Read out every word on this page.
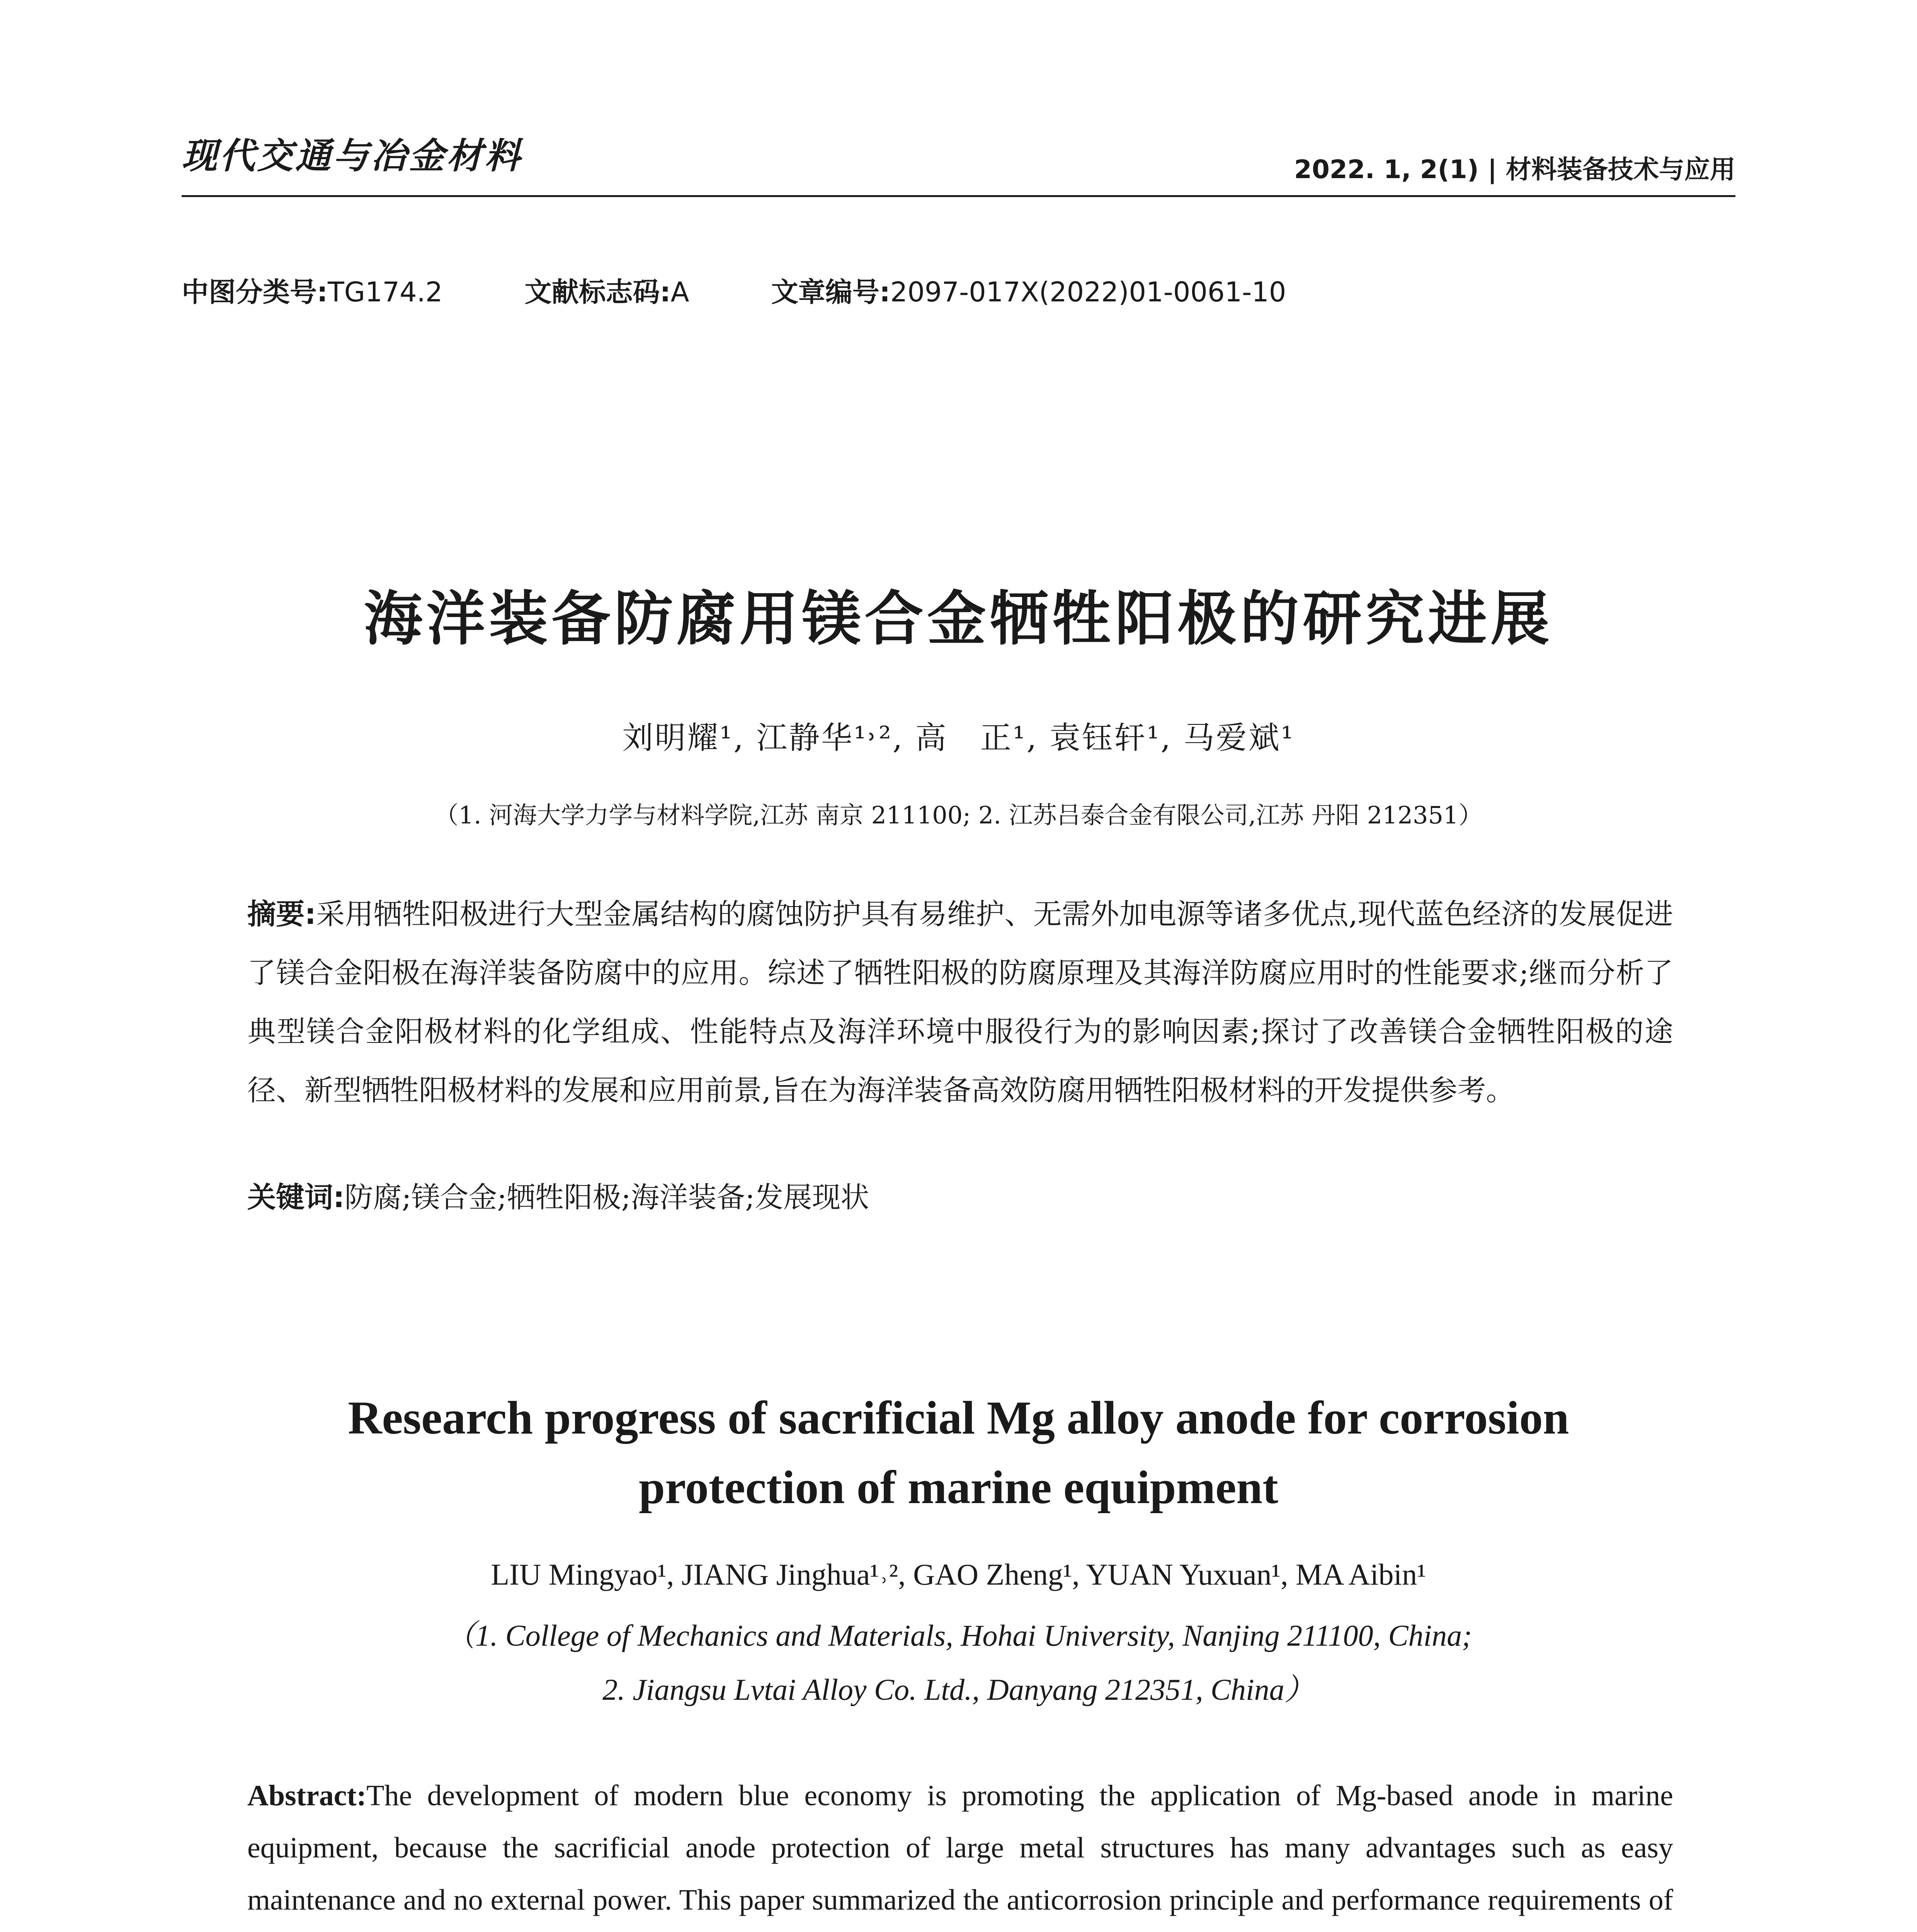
现代交通与冶金材料	2022. 1, 2(1) | 材料装备技术与应用
中图分类号:TG174.2	文献标志码:A	文章编号:2097-017X(2022)01-0061-10
海洋装备防腐用镁合金牺牲阳极的研究进展
刘明耀¹, 江静华¹˒², 高　正¹, 袁钰轩¹, 马爱斌¹
（1. 河海大学力学与材料学院,江苏 南京 211100; 2. 江苏吕泰合金有限公司,江苏 丹阳 212351）
摘要:采用牺牲阳极进行大型金属结构的腐蚀防护具有易维护、无需外加电源等诸多优点,现代蓝色经济的发展促进了镁合金阳极在海洋装备防腐中的应用。综述了牺牲阳极的防腐原理及其海洋防腐应用时的性能要求;继而分析了典型镁合金阳极材料的化学组成、性能特点及海洋环境中服役行为的影响因素;探讨了改善镁合金牺牲阳极的途径、新型牺牲阳极材料的发展和应用前景,旨在为海洋装备高效防腐用牺牲阳极材料的开发提供参考。
关键词:防腐;镁合金;牺牲阳极;海洋装备;发展现状
Research progress of sacrificial Mg alloy anode for corrosion
protection of marine equipment
LIU Mingyao¹, JIANG Jinghua¹˒², GAO Zheng¹, YUAN Yuxuan¹, MA Aibin¹
（1. College of Mechanics and Materials, Hohai University, Nanjing 211100, China;
2. Jiangsu Lvtai Alloy Co. Ltd., Danyang 212351, China）
Abstract:The development of modern blue economy is promoting the application of Mg-based anode in marine equipment, because the sacrificial anode protection of large metal structures has many advantages such as easy maintenance and no external power. This paper summarized the anticorrosion principle and performance requirements of
